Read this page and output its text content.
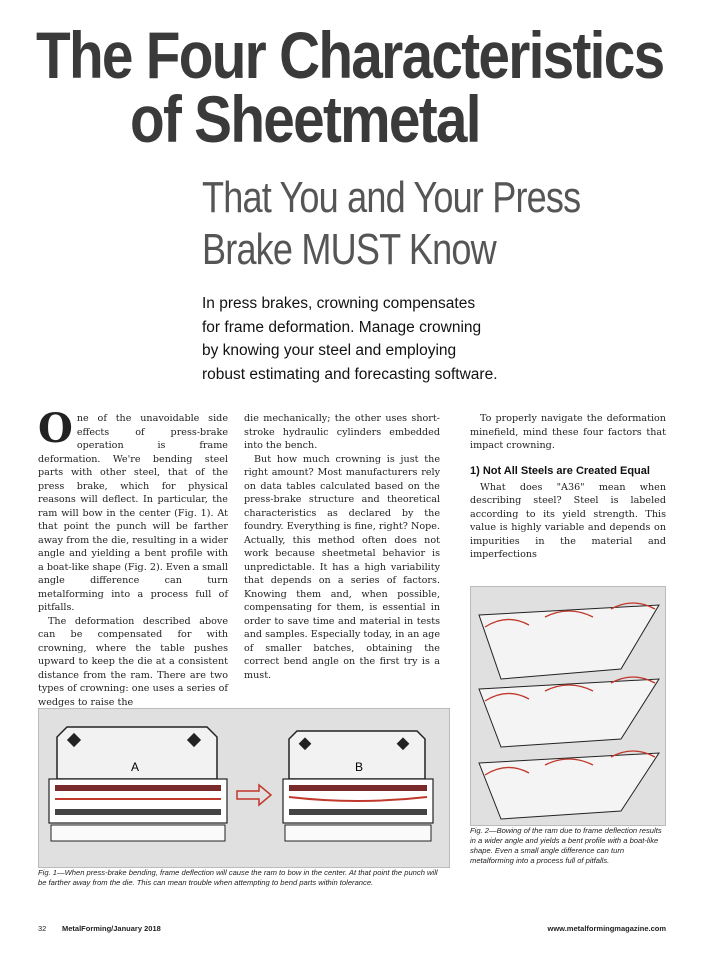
The Four Characteristics
of Sheetmetal
That You and Your Press
Brake MUST Know
In press brakes, crowning compensates
for frame deformation. Manage crowning
by knowing your steel and employing
robust estimating and forecasting software.

One of the unavoidable side effects of press-brake operation is frame deformation. We're bending steel parts with other steel, that of the press brake, which for physical reasons will deflect. In particular, the ram will bow in the center (Fig. 1). At that point the punch will be farther away from the die, resulting in a wider angle and yielding a bent profile with a boat-like shape (Fig. 2). Even a small angle difference can turn metalforming into a process full of pitfalls.

The deformation described above can be compensated for with crowning, where the table pushes upward to keep the die at a consistent distance from the ram. There are two types of crowning: one uses a series of wedges to raise the

die mechanically; the other uses short-stroke hydraulic cylinders embedded into the bench.

But how much crowning is just the right amount? Most manufacturers rely on data tables calculated based on the press-brake structure and theoretical characteristics as declared by the foundry. Everything is fine, right? Nope. Actually, this method often does not work because sheetmetal behavior is unpredictable. It has a high variability that depends on a series of factors. Knowing them and, when possible, compensating for them, is essential in order to save time and material in tests and samples. Especially today, in an age of smaller batches, obtaining the correct bend angle on the first try is a must.

To properly navigate the deformation minefield, mind these four factors that impact crowning.

1) Not All Steels are Created Equal

What does "A36" mean when describing steel? Steel is labeled according to its yield strength. This value is highly variable and depends on impurities in the material and imperfections

A	B
Fig. 1—When press-brake bending, frame deflection will cause the ram to bow in the center. At that point the punch will be farther away from the die. This can mean trouble when attempting to bend parts within tolerance.
Fig. 2—Bowing of the ram due to frame deflection results in a wider angle and yields a bent profile with a boat-like shape. Even a small angle difference can turn metalforming into a process full of pitfalls.
32 MetalForming/January 2018	www.metalformingmagazine.com
